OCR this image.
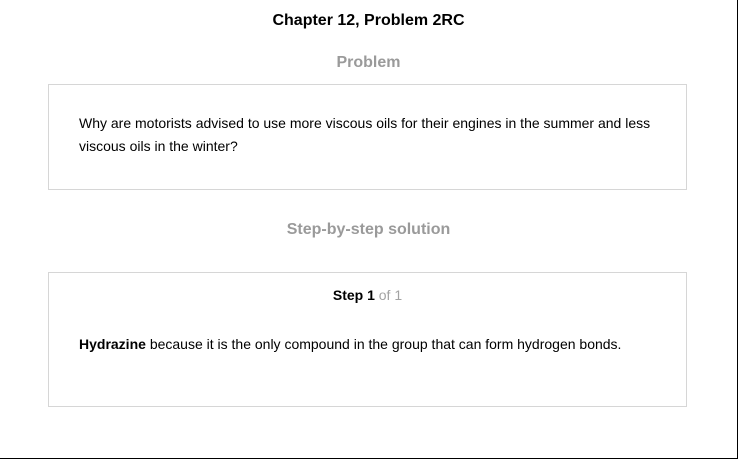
Chapter 12, Problem 2RC
Problem
Why are motorists advised to use more viscous oils for their engines in the summer and less viscous oils in the winter?
Step-by-step solution
Step 1 of 1
Hydrazine because it is the only compound in the group that can form hydrogen bonds.
